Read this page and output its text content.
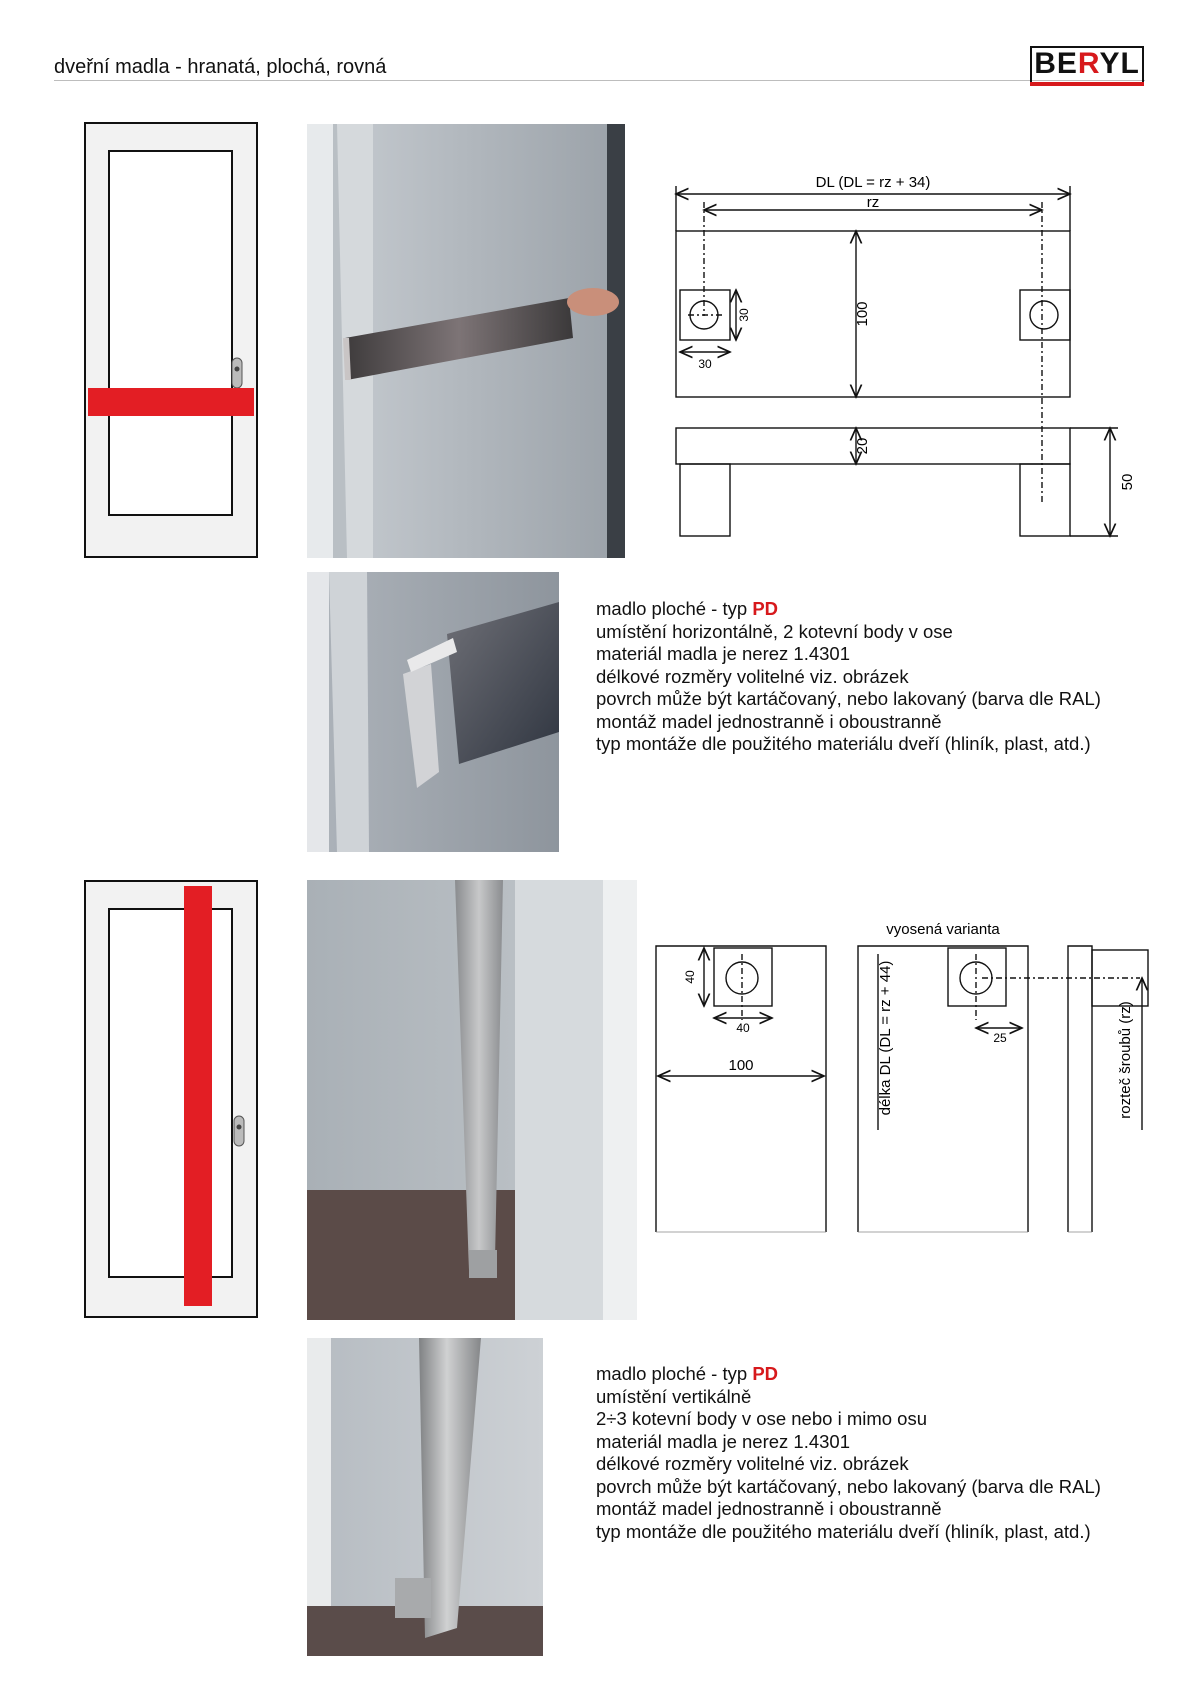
dveřní madla - hranatá, plochá, rovná	BERYL
DL (DL = rz + 34)
rz
100
30
30
20
50
madlo ploché - typ PD
umístění horizontálně, 2 kotevní body v ose
materiál madla je nerez 1.4301
délkové rozměry volitelné viz. obrázek
povrch může být kartáčovaný, nebo lakovaný (barva dle RAL)
montáž madel jednostranně i oboustranně
typ montáže dle použitého materiálu dveří (hliník, plast, atd.)
vyosená varianta
40
40
100	délka DL (DL = rz + 44)	25	rozteč šroubů (rz)
madlo ploché - typ PD
umístění vertikálně
2÷3 kotevní body v ose nebo i mimo osu
materiál madla je nerez 1.4301
délkové rozměry volitelné viz. obrázek
povrch může být kartáčovaný, nebo lakovaný (barva dle RAL)
montáž madel jednostranně i oboustranně
typ montáže dle použitého materiálu dveří (hliník, plast, atd.)
